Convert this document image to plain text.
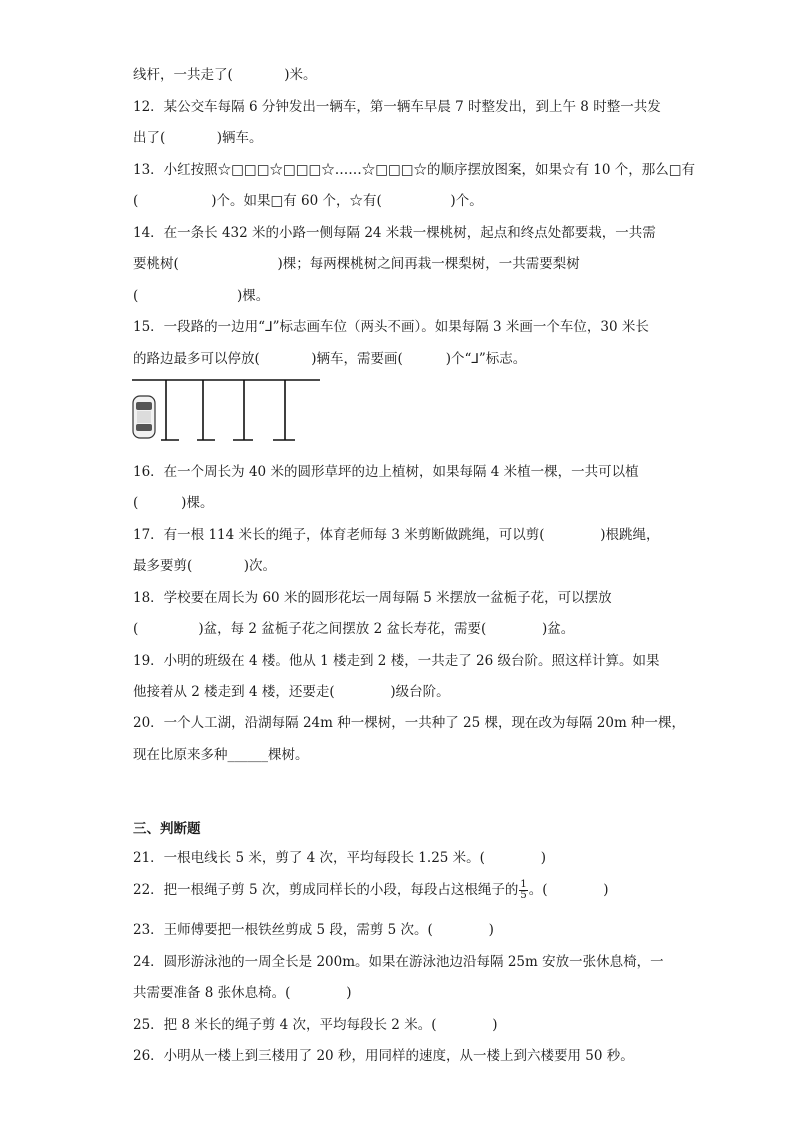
线杆，一共走了(            )米。
12．某公交车每隔 6 分钟发出一辆车，第一辆车早晨 7 时整发出，到上午 8 时整一共发
出了(            )辆车。
13．小红按照☆□□□☆□□□☆……☆□□□☆的顺序摆放图案，如果☆有 10 个，那么□有
(                 )个。如果□有 60 个，☆有(                )个。
14．在一条长 432 米的小路一侧每隔 24 米栽一棵桃树，起点和终点处都要栽，一共需
要桃树(                       )棵；每两棵桃树之间再栽一棵梨树，一共需要梨树
(                       )棵。
15．一段路的一边用“⅃”标志画车位（两头不画）。如果每隔 3 米画一个车位，30 米长
的路边最多可以停放(            )辆车，需要画(          )个“⅃”标志。
16．在一个周长为 40 米的圆形草坪的边上植树，如果每隔 4 米植一棵，一共可以植
(          )棵。
17．有一根 114 米长的绳子，体育老师每 3 米剪断做跳绳，可以剪(             )根跳绳，
最多要剪(            )次。
18．学校要在周长为 60 米的圆形花坛一周每隔 5 米摆放一盆栀子花，可以摆放
(              )盆，每 2 盆栀子花之间摆放 2 盆长寿花，需要(             )盆。
19．小明的班级在 4 楼。他从 1 楼走到 2 楼，一共走了 26 级台阶。照这样计算。如果
他接着从 2 楼走到 4 楼，还要走(             )级台阶。
20．一个人工湖，沿湖每隔 24m 种一棵树，一共种了 25 棵，现在改为每隔 20m 种一棵，
现在比原来多种______棵树。
三、判断题
21．一根电线长 5 米，剪了 4 次，平均每段长 1.25 米。(             )
22．把一根绳子剪 5 次，剪成同样长的小段，每段占这根绳子的 $\frac{1}{5}$ 。(             )
23．王师傅要把一根铁丝剪成 5 段，需剪 5 次。(             )
24．圆形游泳池的一周全长是 200m。如果在游泳池边沿每隔 25m 安放一张休息椅，一
共需要准备 8 张休息椅。(             )
25．把 8 米长的绳子剪 4 次，平均每段长 2 米。(             )
26．小明从一楼上到三楼用了 20 秒，用同样的速度，从一楼上到六楼要用 50 秒。
